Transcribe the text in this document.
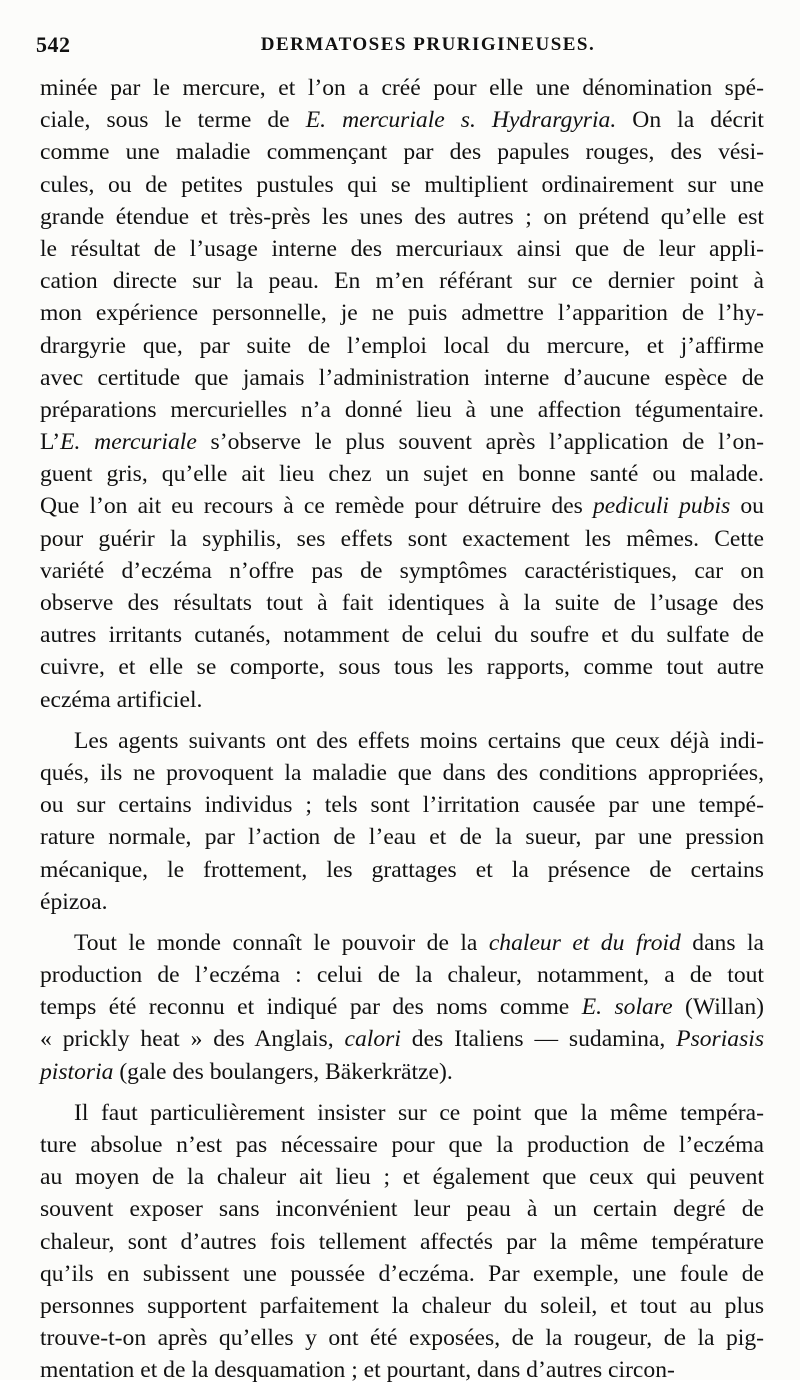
542	DERMATOSES PRURIGINEUSES.
minée par le mercure, et l’on a créé pour elle une dénomination spé-
ciale, sous le terme de E. mercuriale s. Hydrargyria. On la décrit
comme une maladie commençant par des papules rouges, des vési-
cules, ou de petites pustules qui se multiplient ordinairement sur une
grande étendue et très-près les unes des autres ; on prétend qu’elle est
le résultat de l’usage interne des mercuriaux ainsi que de leur appli-
cation directe sur la peau. En m’en référant sur ce dernier point à
mon expérience personnelle, je ne puis admettre l’apparition de l’hy-
drargyrie que, par suite de l’emploi local du mercure, et j’affirme
avec certitude que jamais l’administration interne d’aucune espèce de
préparations mercurielles n’a donné lieu à une affection tégumentaire.
L’E. mercuriale s’observe le plus souvent après l’application de l’on-
guent gris, qu’elle ait lieu chez un sujet en bonne santé ou malade.
Que l’on ait eu recours à ce remède pour détruire des pediculi pubis ou
pour guérir la syphilis, ses effets sont exactement les mêmes. Cette
variété d’eczéma n’offre pas de symptômes caractéristiques, car on
observe des résultats tout à fait identiques à la suite de l’usage des
autres irritants cutanés, notamment de celui du soufre et du sulfate de
cuivre, et elle se comporte, sous tous les rapports, comme tout autre
eczéma artificiel.
Les agents suivants ont des effets moins certains que ceux déjà indi-
qués, ils ne provoquent la maladie que dans des conditions appropriées,
ou sur certains individus ; tels sont l’irritation causée par une tempé-
rature normale, par l’action de l’eau et de la sueur, par une pression
mécanique, le frottement, les grattages et la présence de certains
épizoa.
Tout le monde connaît le pouvoir de la chaleur et du froid dans la
production de l’eczéma : celui de la chaleur, notamment, a de tout
temps été reconnu et indiqué par des noms comme E. solare (Willan)
« prickly heat » des Anglais, calori des Italiens — sudamina, Psoriasis
pistoria (gale des boulangers, Bäkerkrätze).
Il faut particulièrement insister sur ce point que la même tempéra-
ture absolue n’est pas nécessaire pour que la production de l’eczéma
au moyen de la chaleur ait lieu ; et également que ceux qui peuvent
souvent exposer sans inconvénient leur peau à un certain degré de
chaleur, sont d’autres fois tellement affectés par la même température
qu’ils en subissent une poussée d’eczéma. Par exemple, une foule de
personnes supportent parfaitement la chaleur du soleil, et tout au plus
trouve-t-on après qu’elles y ont été exposées, de la rougeur, de la pig-
mentation et de la desquamation ; et pourtant, dans d’autres circon-
